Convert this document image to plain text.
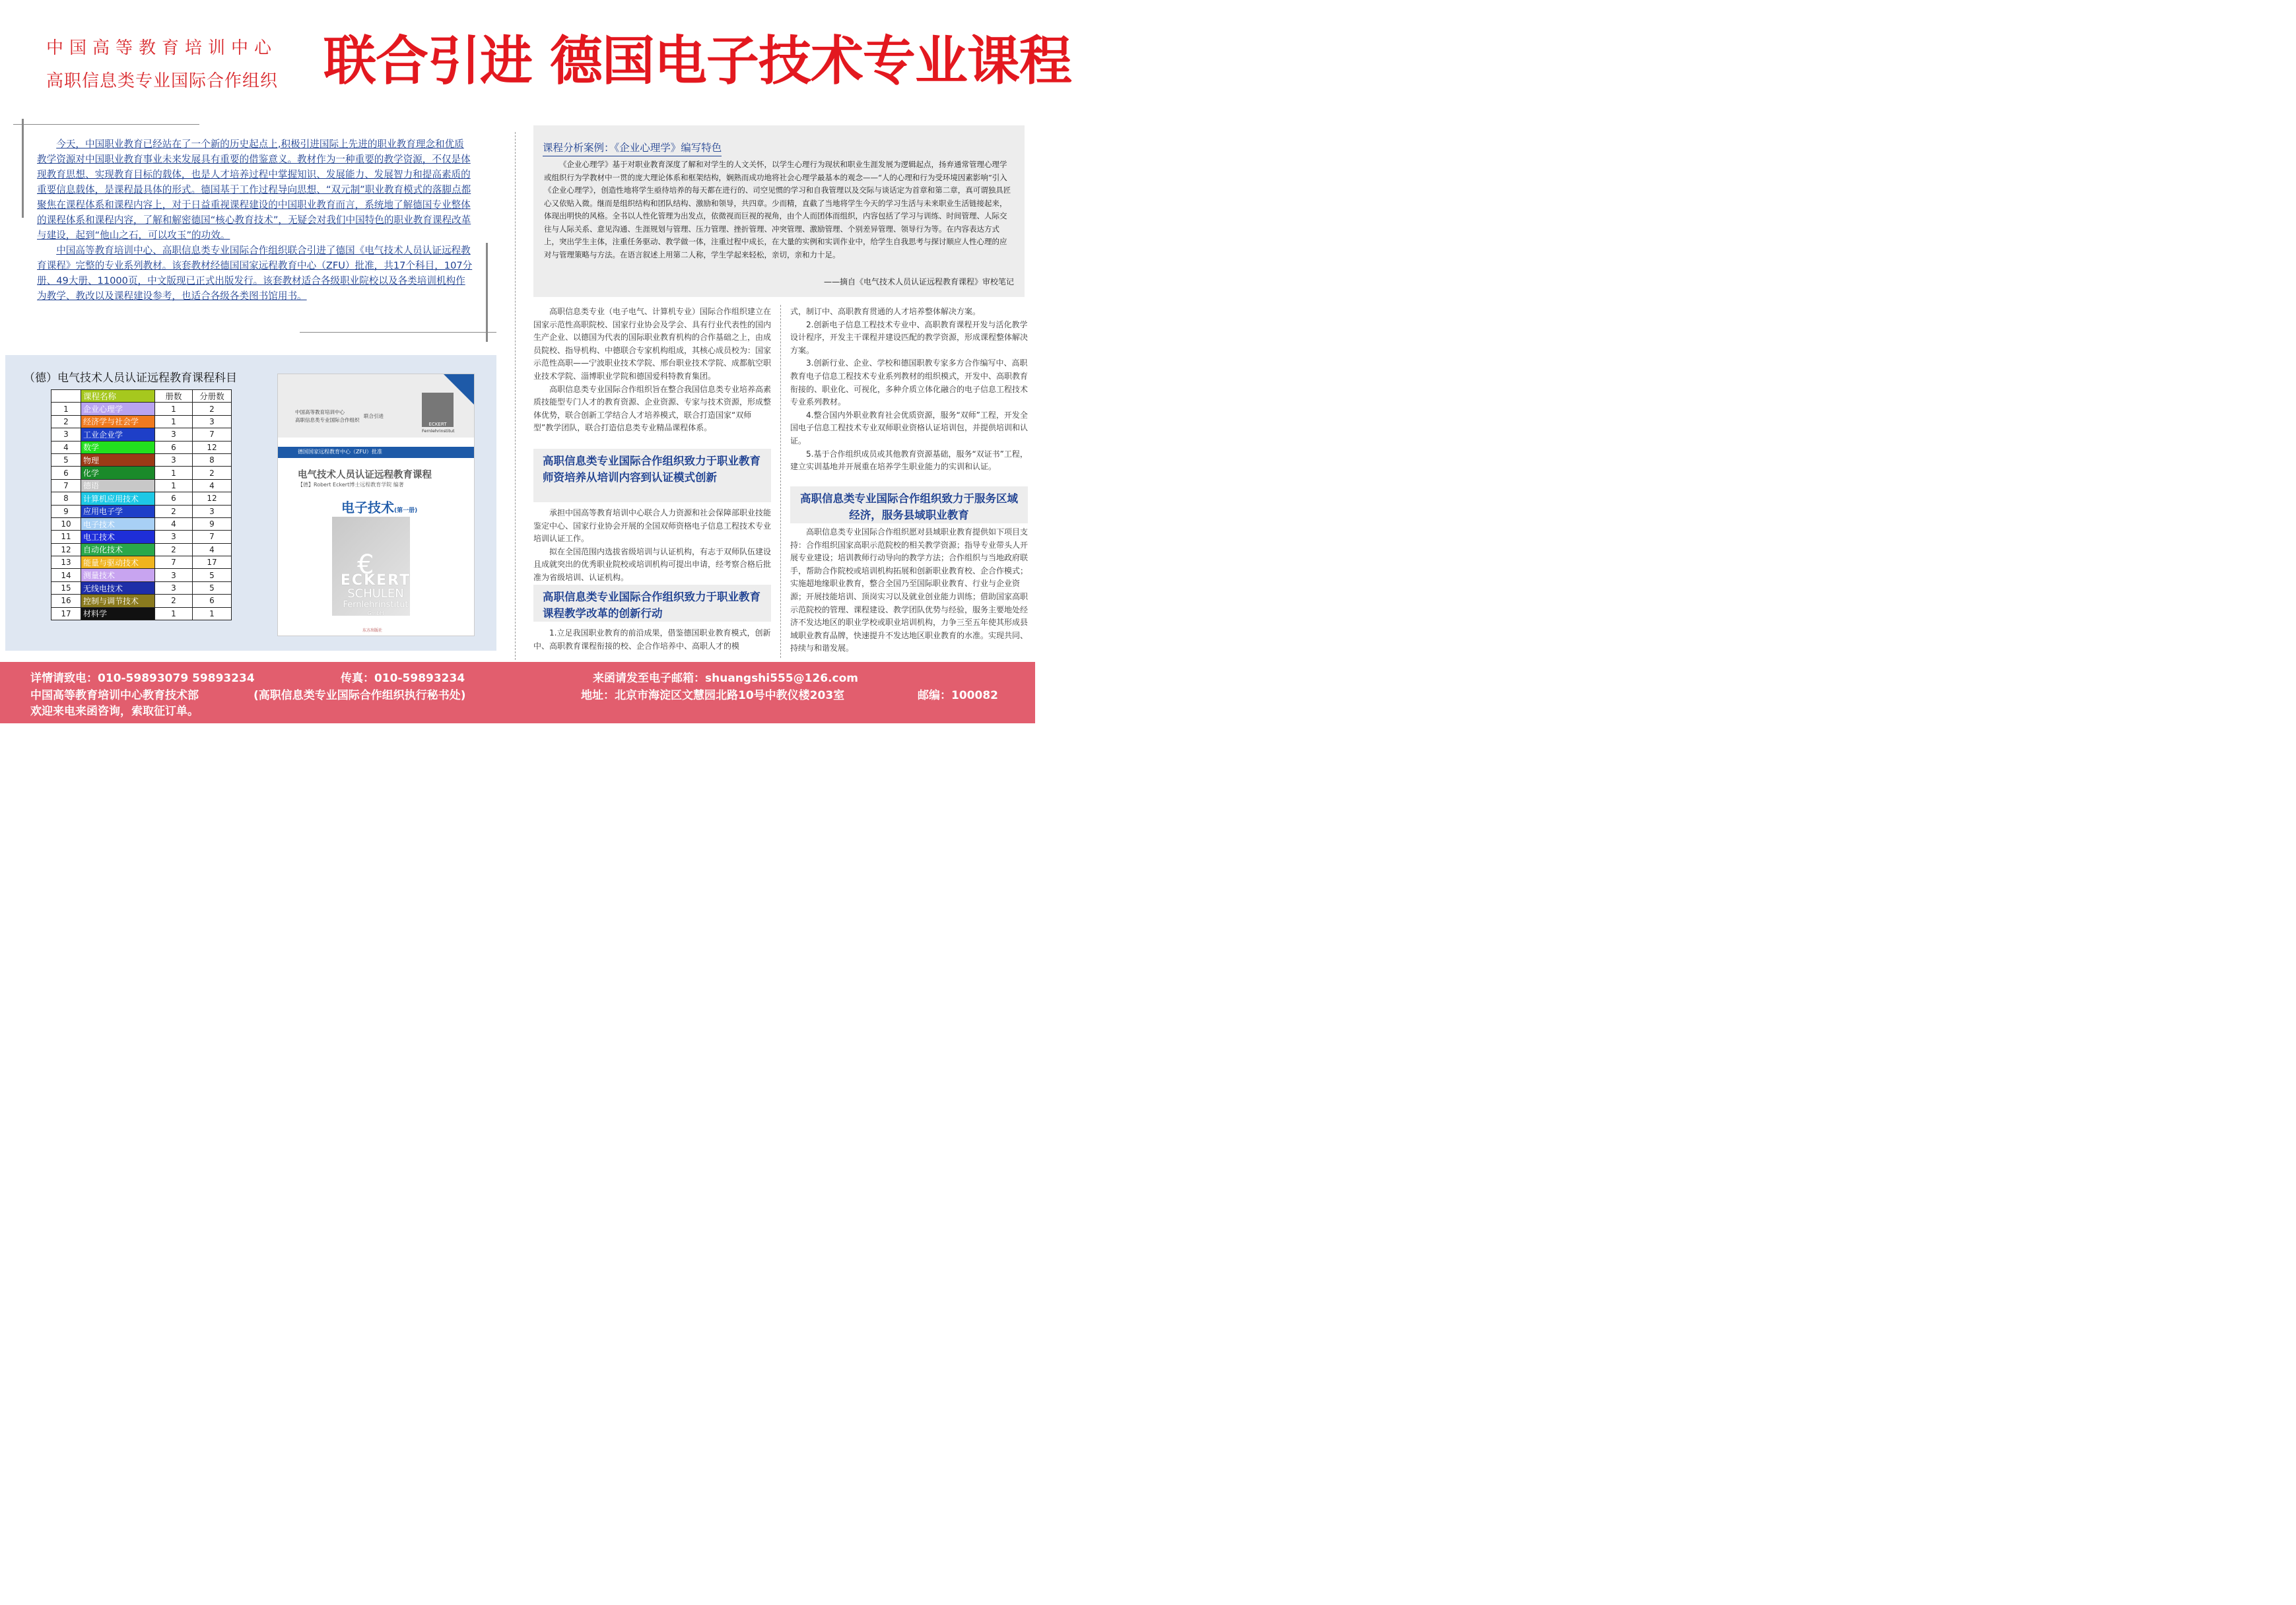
中国高等教育培训中心
高职信息类专业国际合作组织 联合引进 德国电子技术专业课程

今天，中国职业教育已经站在了一个新的历史起点上,积极引进国际上先进的职业教育理念和优质教学资源对中国职业教育事业未来发展具有重要的借鉴意义。教材作为一种重要的教学资源，不仅是体现教育思想、实现教育目标的载体，也是人才培养过程中掌握知识、发展能力、发展智力和提高素质的重要信息载体，是课程最具体的形式。德国基于工作过程导向思想、“双元制”职业教育模式的落脚点都聚焦在课程体系和课程内容上，对于日益重视课程建设的中国职业教育而言，系统地了解德国专业整体的课程体系和课程内容，了解和解密德国“核心教育技术”，无疑会对我们中国特色的职业教育课程改革与建设，起到“他山之石，可以攻玉”的功效。

中国高等教育培训中心、高职信息类专业国际合作组织联合引进了德国《电气技术人员认证远程教育课程》完整的专业系列教材。该套教材经德国国家远程教育中心（ZFU）批准，共17个科目，107分册、49大册、11000页，中文版现已正式出版发行。该套教材适合各级职业院校以及各类培训机构作为教学、教改以及课程建设参考，也适合各级各类图书馆用书。

课程分析案例：《企业心理学》编写特色

《企业心理学》基于对职业教育深度了解和对学生的人文关怀，以学生心理行为现状和职业生涯发展为逻辑起点，扬弃通常管理心理学或组织行为学教材中一贯的庞大理论体系和框架结构，娴熟而成功地将社会心理学最基本的观念——“人的心理和行为受环境因素影响”引入《企业心理学》，创造性地将学生亟待培养的每天都在进行的、司空见惯的学习和自我管理以及交际与谈话定为首章和第二章，真可谓独具匠心又依贴入微。继而是组织结构和团队结构、激励和领导，共四章。少而精，直截了当地将学生今天的学习生活与未来职业生活链接起来，体现出明快的风格。全书以人性化管理为出发点，依微视而巨视的视角，由个人而团体而组织，内容包括了学习与训练、时间管理、人际交往与人际关系、意见沟通、生涯规划与管理、压力管理、挫折管理、冲突管理、激励管理、个别差异管理、领导行为等。在内容表达方式上，突出学生主体，注重任务驱动、教学做一体，注重过程中成长，在大量的实例和实训作业中，给学生自我思考与探讨顺应人性心理的应对与管理策略与方法。在语言叙述上用第二人称，学生学起来轻松，亲切，亲和力十足。

——摘自《电气技术人员认证远程教育课程》审校笔记

高职信息类专业（电子电气、计算机专业）国际合作组织建立在国家示范性高职院校、国家行业协会及学会、具有行业代表性的国内生产企业、以德国为代表的国际职业教育机构的合作基础之上，由成员院校、指导机构、中德联合专家机构组成，其核心成员校为：国家示范性高职——宁波职业技术学院、邢台职业技术学院、成都航空职业技术学院、淄博职业学院和德国爱科特教育集团。

高职信息类专业国际合作组织旨在整合我国信息类专业培养高素质技能型专门人才的教育资源、企业资源、专家与技术资源，形成整体优势，联合创新工学结合人才培养模式，联合打造国家“双师型”教学团队，联合打造信息类专业精品课程体系。

高职信息类专业国际合作组织致力于职业教育师资培养从培训内容到认证模式创新

承担中国高等教育培训中心联合人力资源和社会保障部职业技能鉴定中心、国家行业协会开展的全国双师资格电子信息工程技术专业培训认证工作。

拟在全国范围内选拔省级培训与认证机构，有志于双师队伍建设且成就突出的优秀职业院校或培训机构可提出申请，经考察合格后批准为省级培训、认证机构。

高职信息类专业国际合作组织致力于职业教育课程教学改革的创新行动

1.立足我国职业教育的前沿成果，借鉴德国职业教育模式，创新中、高职教育课程衔接的校、企合作培养中、高职人才的模

式，制订中、高职教育贯通的人才培养整体解决方案。

2.创新电子信息工程技术专业中、高职教育课程开发与活化教学设计程序，开发主干课程并建设匹配的教学资源，形成课程整体解决方案。

3.创新行业、企业、学校和德国职教专家多方合作编写中、高职教育电子信息工程技术专业系列教材的组织模式，开发中、高职教育衔接的、职业化、可视化，多种介质立体化融合的电子信息工程技术专业系列教材。

4.整合国内外职业教育社会优质资源，服务“双师”工程，开发全国电子信息工程技术专业双师职业资格认证培训包，并提供培训和认证。

5.基于合作组织成员或其他教育资源基础，服务“双证书”工程，建立实训基地并开展重在培养学生职业能力的实训和认证。

高职信息类专业国际合作组织致力于服务区域经济，服务县域职业教育

高职信息类专业国际合作组织愿对县域职业教育提供如下项目支持：合作组织国家高职示范院校的相关教学资源；指导专业带头人开展专业建设；培训教师行动导向的教学方法；合作组织与当地政府联手，帮助合作院校或培训机构拓展和创新职业教育校、企合作模式；实施超地缘职业教育，整合全国乃至国际职业教育、行业与企业资源；开展技能培训、顶岗实习以及就业创业能力训练；借助国家高职示范院校的管理、课程建设、教学团队优势与经验，服务主要地处经济不发达地区的职业学校或职业培训机构，力争三至五年使其形成县域职业教育品牌，快速提升不发达地区职业教育的水准。实现共同、持续与和谐发展。

（德）电气技术人员认证远程教育课程科目
	课程名称	册数	分册数
1	企业心理学	1	2
2	经济学与社会学	1	3
3	工业企业学	3	7
4	数学	6	12
5	物理	3	8
6	化学	1	2
7	德语	1	4
8	计算机应用技术	6	12
9	应用电子学	2	3
10	电子技术	4	9
11	电工技术	3	7
12	自动化技术	2	4
13	能量与驱动技术	7	17
14	测量技术	3	5
15	无线电技术	3	5
16	控制与调节技术	2	6
17	材料学	1	1
中国高等教育培训中心
高职信息类专业国际合作组织
联合引进
ECKERT
Fernlehrinstitut
德国国家远程教育中心（ZFU）批准
电气技术人员认证远程教育课程
【德】Robert Eckert博士远程教育学院 编著
电子技术(第一册)
€
ECKERT
SCHULEN
Fernlehrinstitut
GmbH
东方出版社
详情请致电：010-59893079 59893234	传真：010-59893234	来函请发至电子邮箱：shuangshi555@126.com
中国高等教育培训中心教育技术部	(高职信息类专业国际合作组织执行秘书处)	地址：北京市海淀区文慧园北路10号中教仪楼203室	邮编：100082
欢迎来电来函咨询，索取征订单。
